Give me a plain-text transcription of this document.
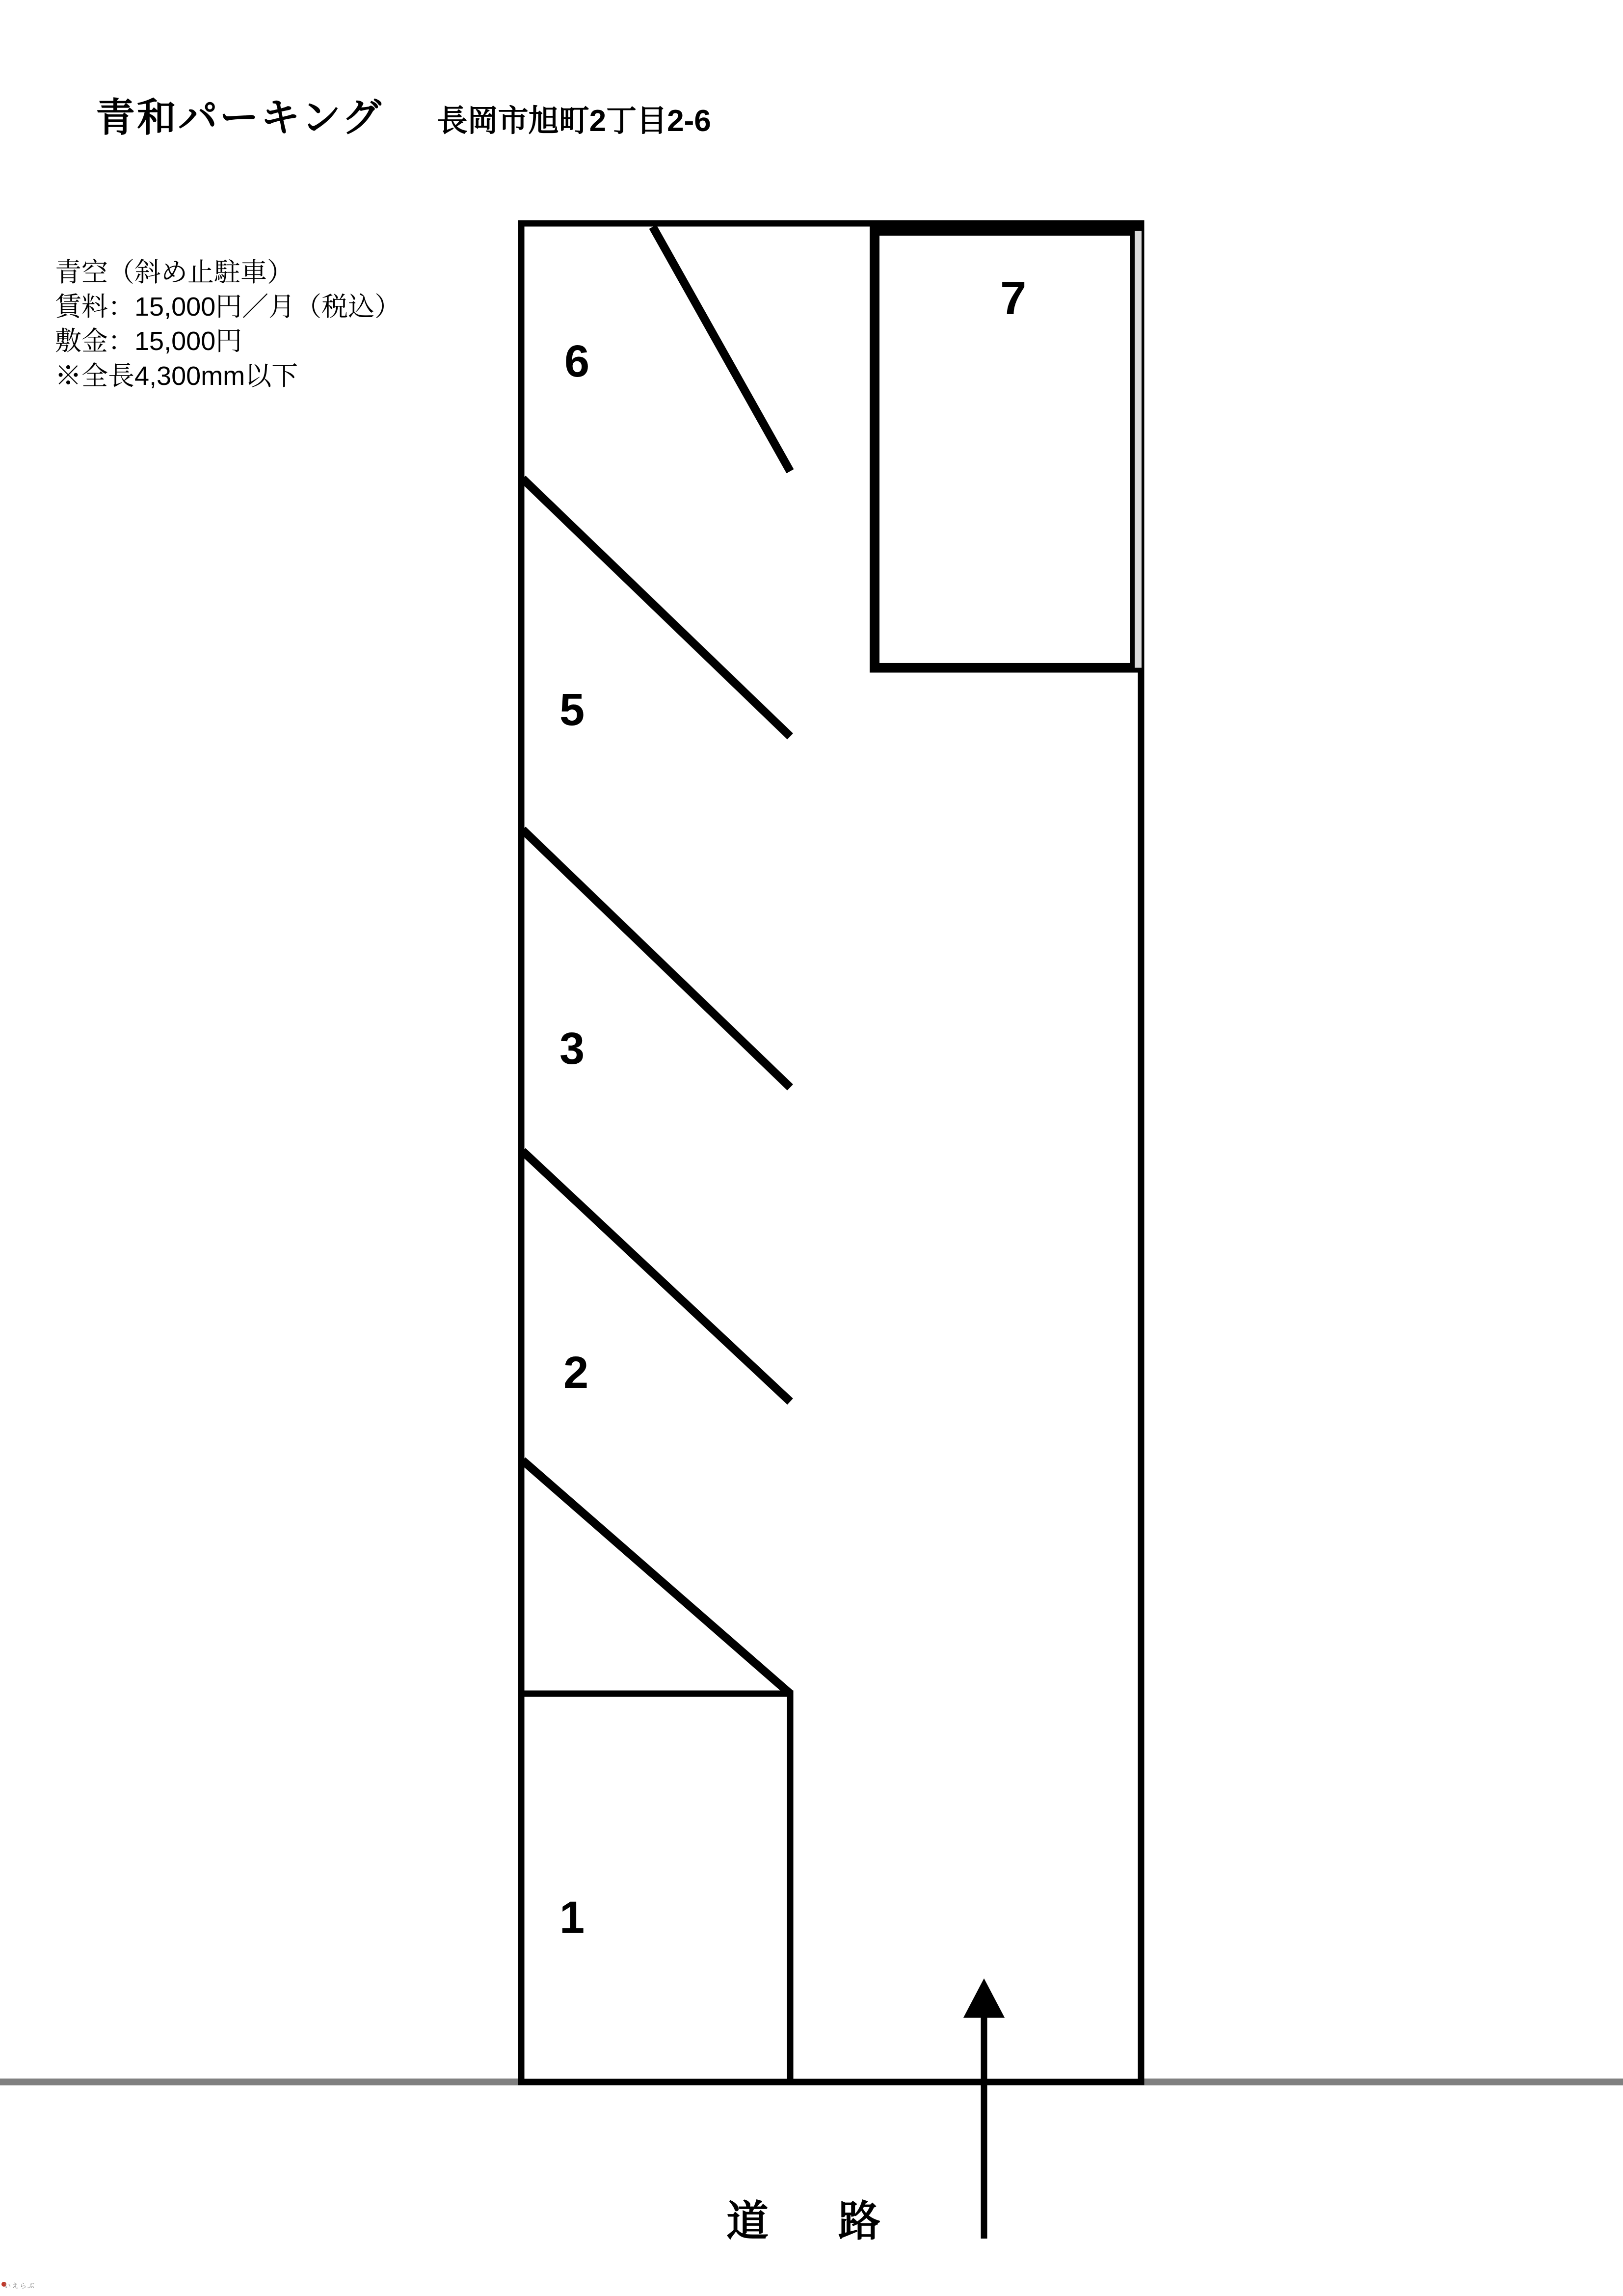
青和パーキング 長岡市旭町2丁目2-6
青空（斜め止駐車）
賃料：15,000円／月（税込）
敷金：15,000円
※全長4,300mm以下	6
5
3
2
1
7
道　路
いえらぶ
